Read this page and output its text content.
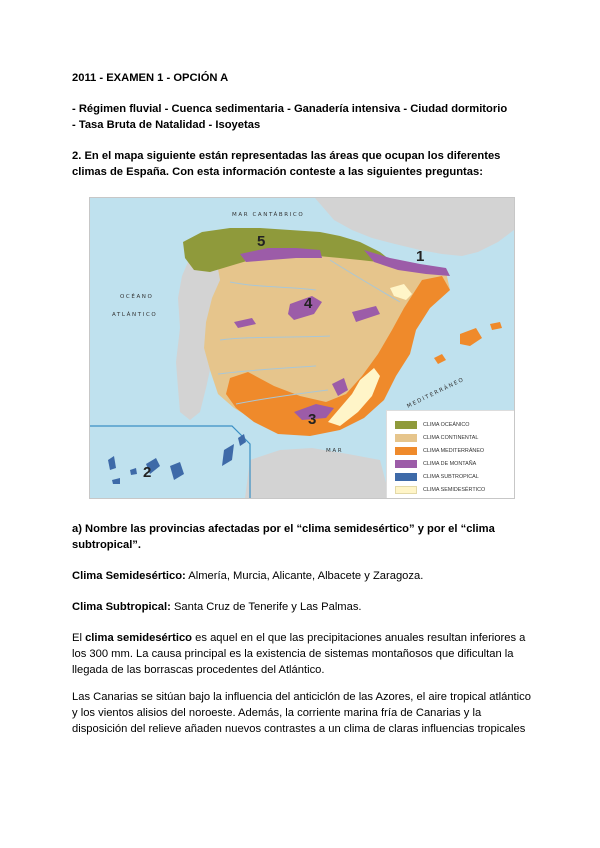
2011 - EXAMEN 1 - OPCIÓN A
- Régimen fluvial - Cuenca sedimentaria - Ganadería intensiva - Ciudad dormitorio
- Tasa Bruta de Natalidad - Isoyetas
2. En el mapa siguiente están representadas las áreas que ocupan los diferentes
climas de España. Con esta información conteste a las siguientes preguntas:
MAR CANTÁBRICO
OCÉANO
ATLÁNTICO
MEDITERRÁNEO
MAR
1
2
3
4
5
CLIMA OCEÁNICO
CLIMA CONTINENTAL
CLIMA MEDITERRÁNEO
CLIMA DE MONTAÑA
CLIMA SUBTROPICAL
CLIMA SEMIDESÉRTICO
a) Nombre las provincias afectadas por el “clima semidesértico” y por el “clima
subtropical”.
Clima Semidesértico: Almería, Murcia, Alicante, Albacete y Zaragoza.
Clima Subtropical: Santa Cruz de Tenerife y Las Palmas.
El clima semidesértico es aquel en el que las precipitaciones anuales resultan inferiores a
los 300 mm. La causa principal es la existencia de sistemas montañosos que dificultan la
llegada de las borrascas procedentes del Atlántico.
Las Canarias se sitúan bajo la influencia del anticiclón de las Azores, el aire tropical atlántico
y los vientos alisios del noroeste. Además, la corriente marina fría de Canarias y la
disposición del relieve añaden nuevos contrastes a un clima de claras influencias tropicales
